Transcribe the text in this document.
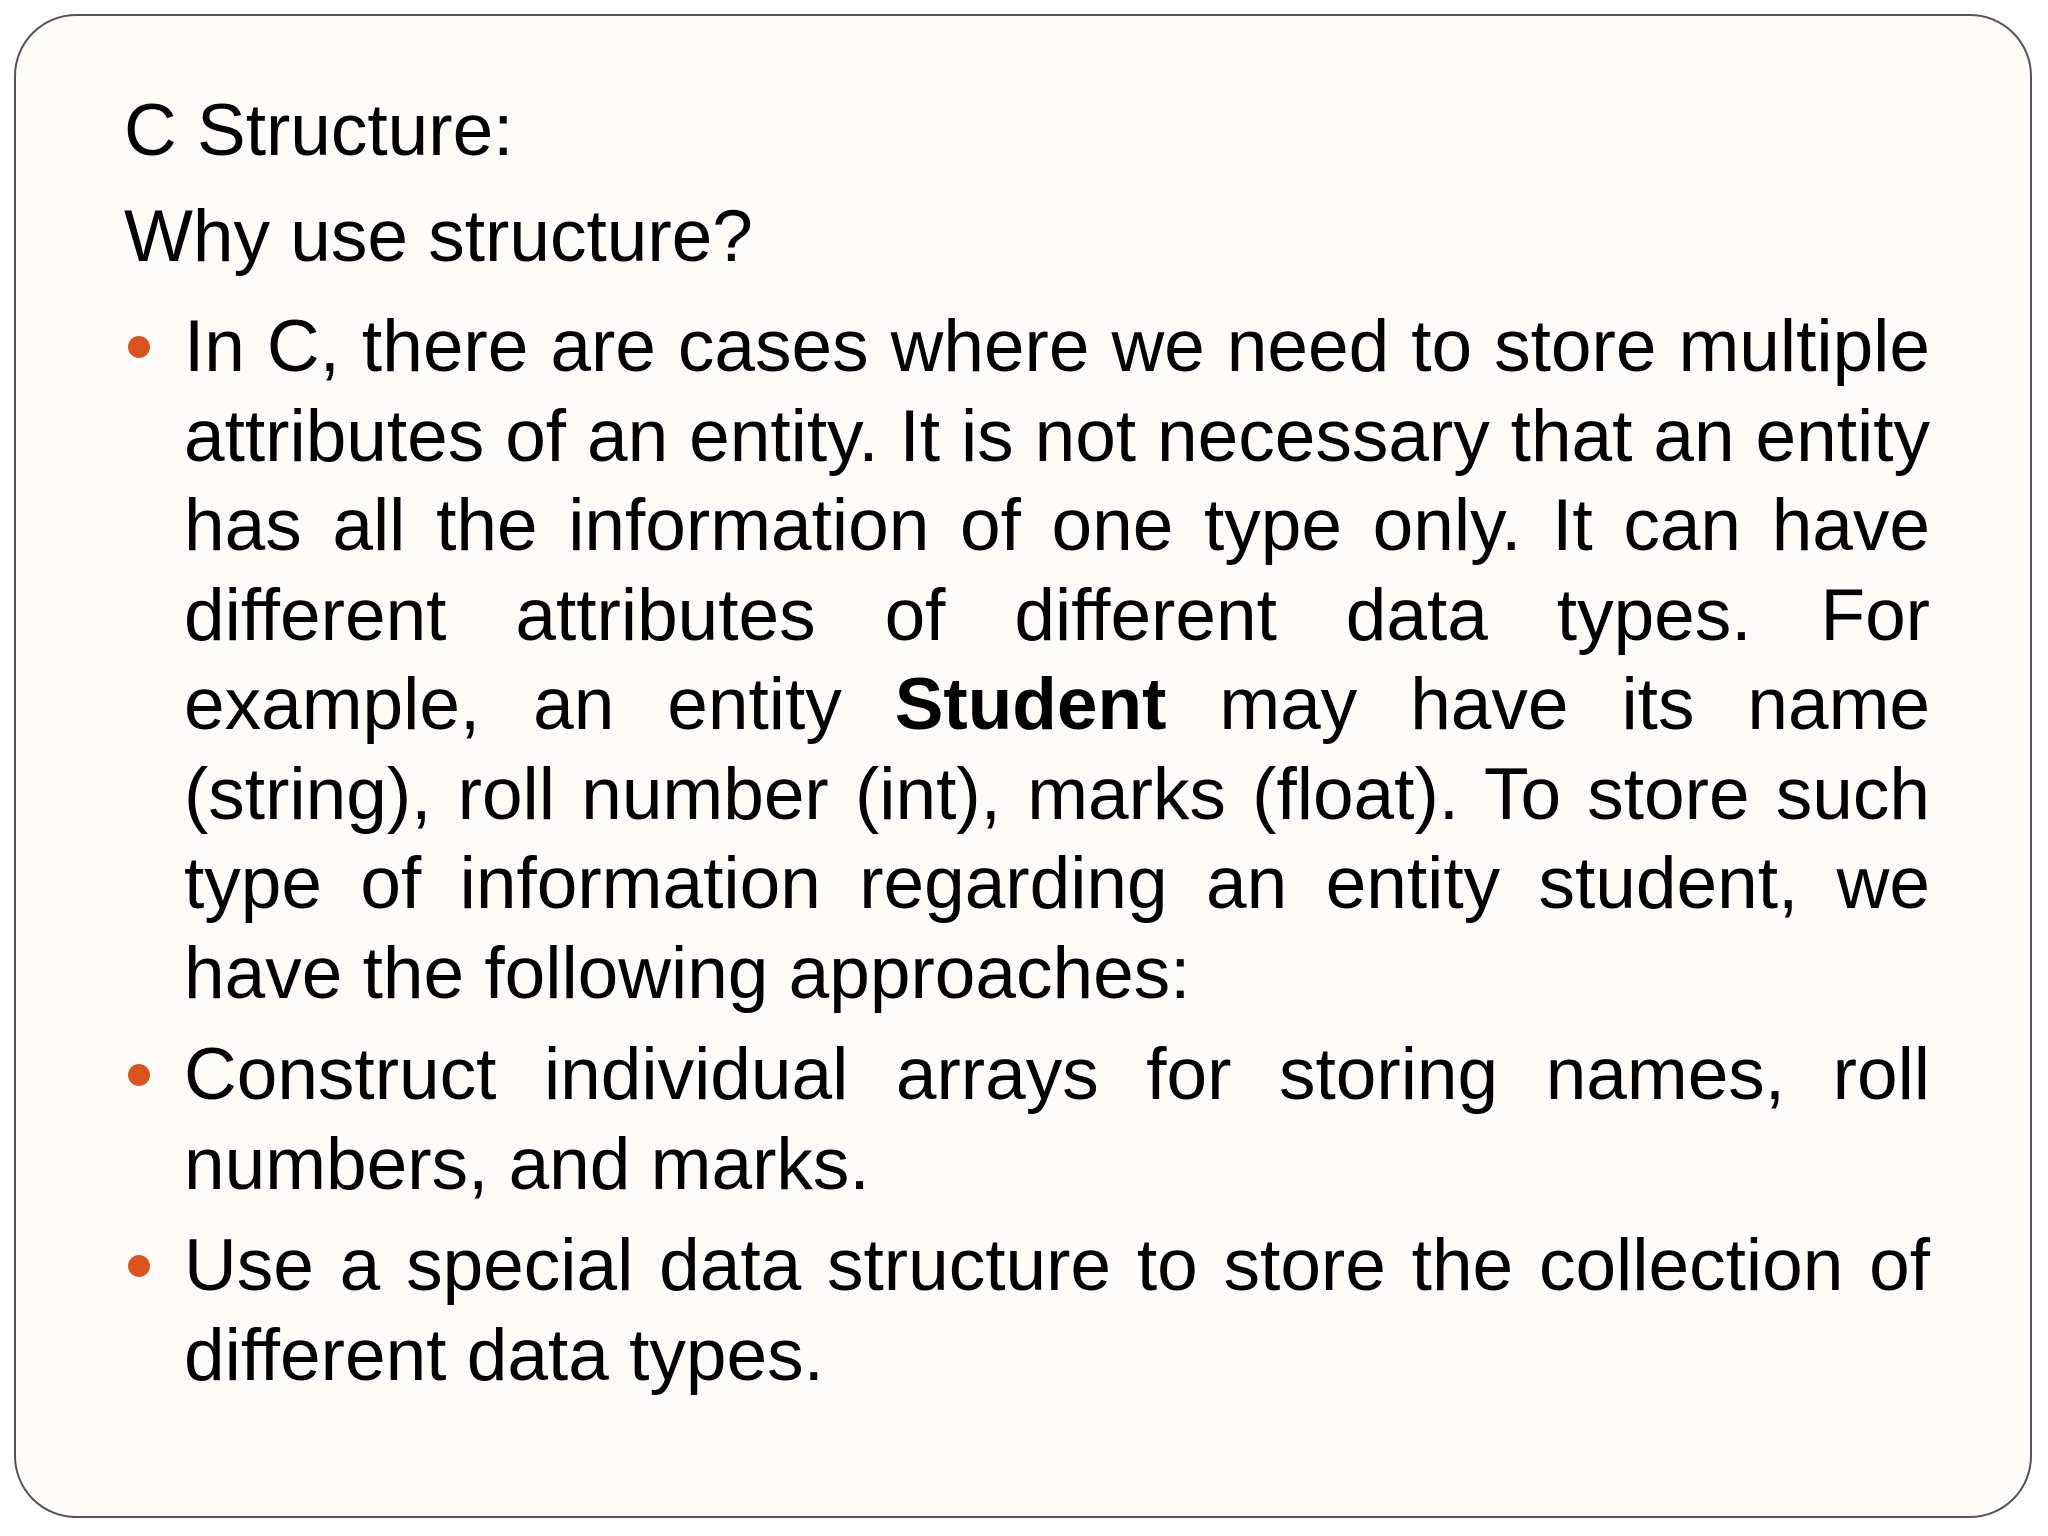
C Structure:
Why use structure?
In C, there are cases where we need to store multiple attributes of an entity. It is not necessary that an entity has all the information of one type only. It can have different attributes of different data types. For example, an entity Student may have its name (string), roll number (int), marks (float). To store such type of information regarding an entity student, we have the following approaches:
Construct individual arrays for storing names, roll numbers, and marks.
Use a special data structure to store the collection of different data types.
